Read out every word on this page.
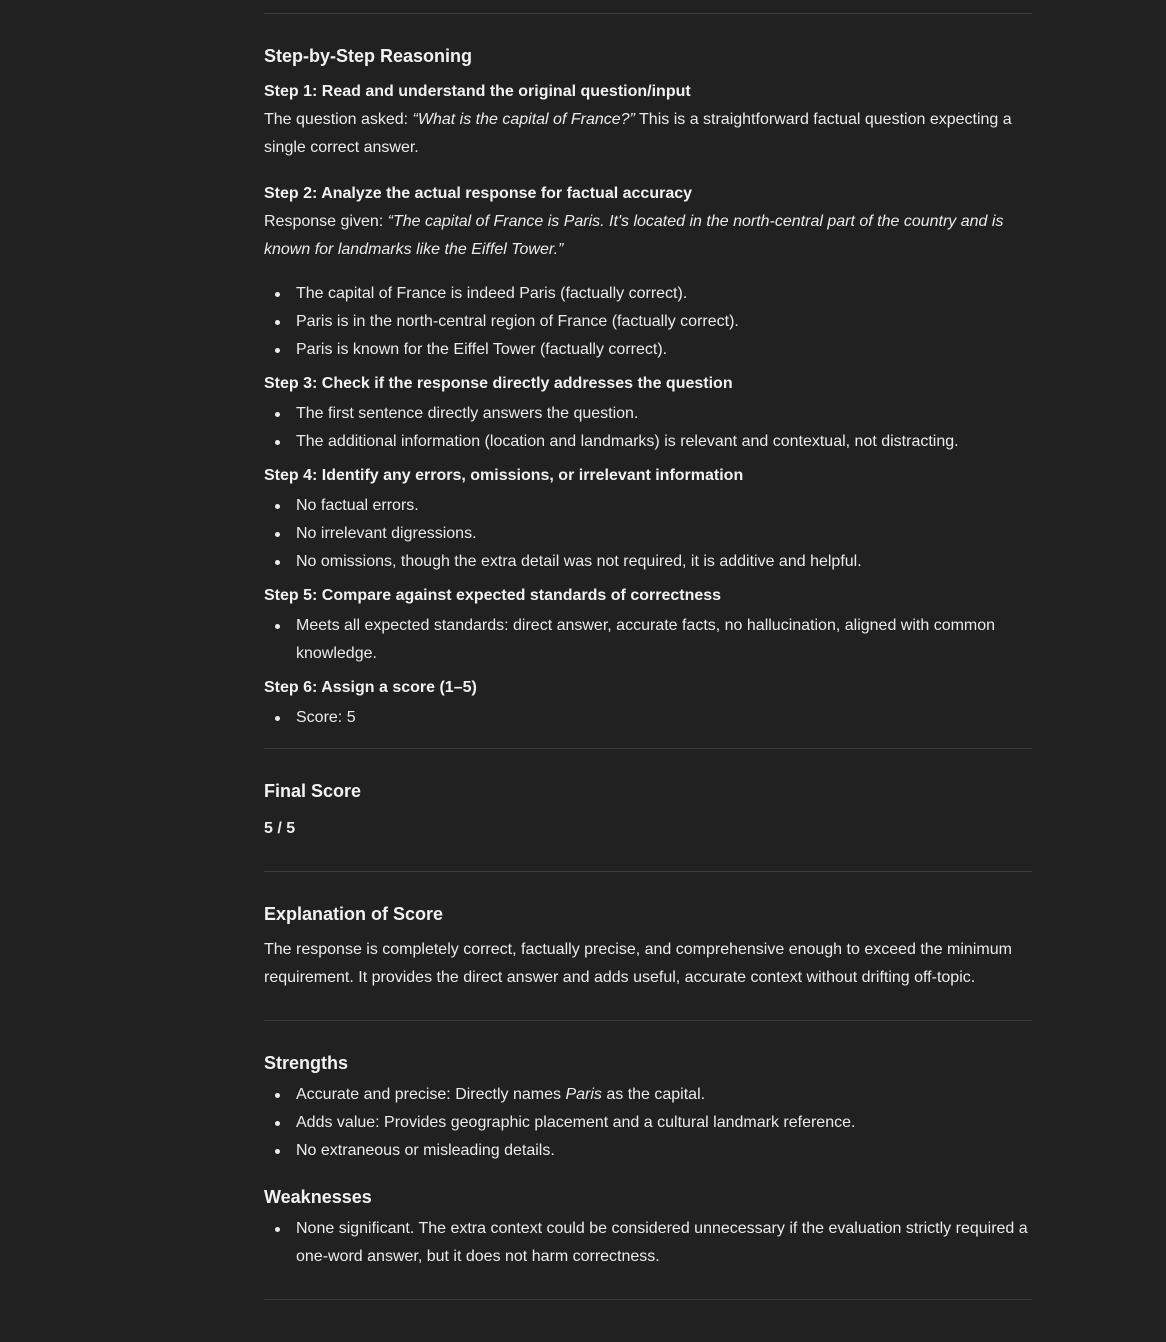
Step-by-Step Reasoning
Step 1: Read and understand the original question/input

The question asked: “What is the capital of France?” This is a straightforward factual question expecting a single correct answer.

Step 2: Analyze the actual response for factual accuracy

Response given: “The capital of France is Paris. It's located in the north-central part of the country and is known for landmarks like the Eiffel Tower.”

The capital of France is indeed Paris (factually correct).
Paris is in the north-central region of France (factually correct).
Paris is known for the Eiffel Tower (factually correct).
Step 3: Check if the response directly addresses the question
The first sentence directly answers the question.
The additional information (location and landmarks) is relevant and contextual, not distracting.
Step 4: Identify any errors, omissions, or irrelevant information
No factual errors.
No irrelevant digressions.
No omissions, though the extra detail was not required, it is additive and helpful.
Step 5: Compare against expected standards of correctness
Meets all expected standards: direct answer, accurate facts, no hallucination, aligned with common knowledge.
Step 6: Assign a score (1–5)
Score: 5
Final Score
5 / 5
Explanation of Score

The response is completely correct, factually precise, and comprehensive enough to exceed the minimum requirement. It provides the direct answer and adds useful, accurate context without drifting off-topic.

Strengths
Accurate and precise: Directly names Paris as the capital.
Adds value: Provides geographic placement and a cultural landmark reference.
No extraneous or misleading details.
Weaknesses
None significant. The extra context could be considered unnecessary if the evaluation strictly required a one-word answer, but it does not harm correctness.
